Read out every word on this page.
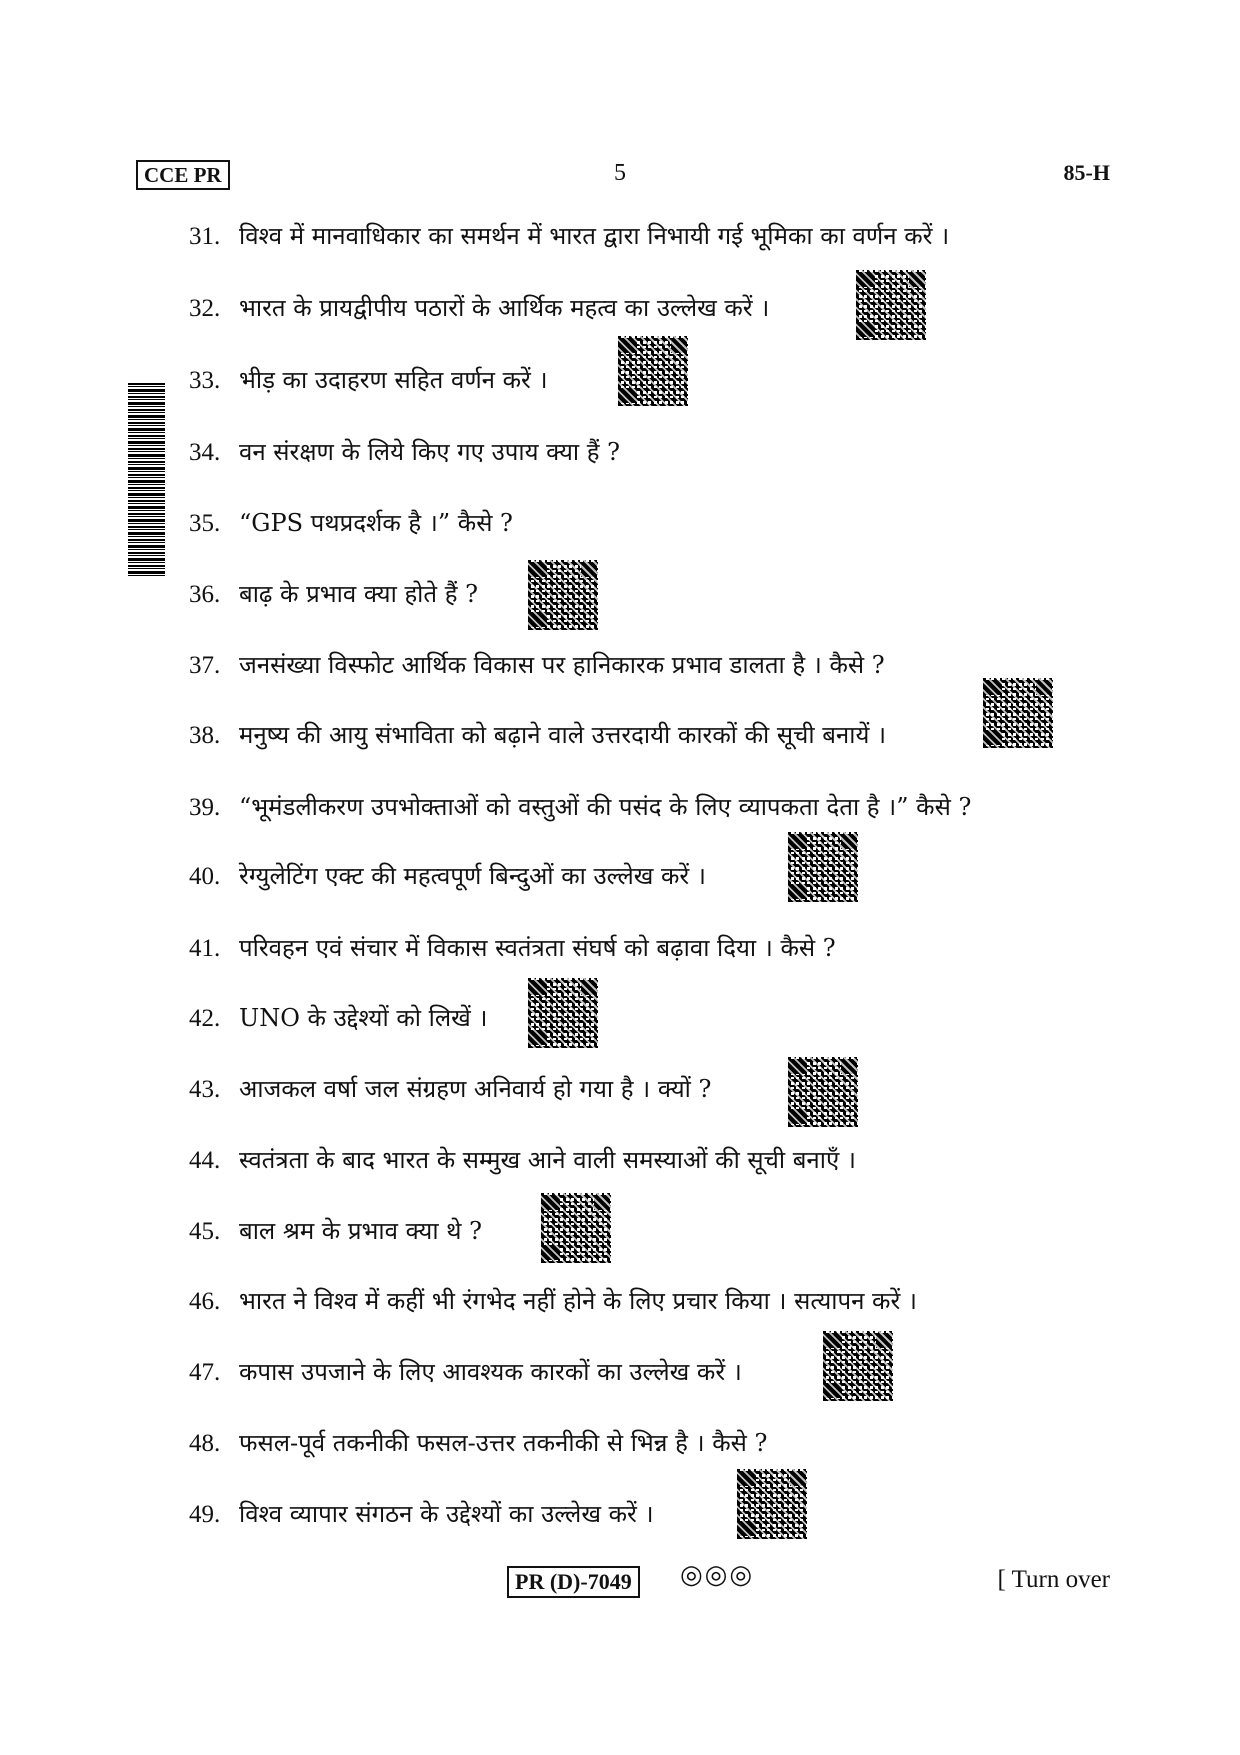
CCE PR	5	85-H
31. विश्व में मानवाधिकार का समर्थन में भारत द्वारा निभायी गई भूमिका का वर्णन करें ।
32. भारत के प्रायद्वीपीय पठारों के आर्थिक महत्व का उल्लेख करें ।
33. भीड़ का उदाहरण सहित वर्णन करें ।
34. वन संरक्षण के लिये किए गए उपाय क्या हैं ?
35. “GPS पथप्रदर्शक है ।” कैसे ?
36. बाढ़ के प्रभाव क्या होते हैं ?
37. जनसंख्या विस्फोट आर्थिक विकास पर हानिकारक प्रभाव डालता है । कैसे ?
38. मनुष्य की आयु संभाविता को बढ़ाने वाले उत्तरदायी कारकों की सूची बनायें ।
39. “भूमंडलीकरण उपभोक्ताओं को वस्तुओं की पसंद के लिए व्यापकता देता है ।” कैसे ?
40. रेग्युलेटिंग एक्ट की महत्वपूर्ण बिन्दुओं का उल्लेख करें ।
41. परिवहन एवं संचार में विकास स्वतंत्रता संघर्ष को बढ़ावा दिया । कैसे ?
42. UNO के उद्देश्यों को लिखें ।
43. आजकल वर्षा जल संग्रहण अनिवार्य हो गया है । क्यों ?
44. स्वतंत्रता के बाद भारत के सम्मुख आने वाली समस्याओं की सूची बनाएँ ।
45. बाल श्रम के प्रभाव क्या थे ?
46. भारत ने विश्व में कहीं भी रंगभेद नहीं होने के लिए प्रचार किया । सत्यापन करें ।
47. कपास उपजाने के लिए आवश्यक कारकों का उल्लेख करें ।
48. फसल-पूर्व तकनीकी फसल-उत्तर तकनीकी से भिन्न है । कैसे ?
49. विश्व व्यापार संगठन के उद्देश्यों का उल्लेख करें ।
PR (D)-7049	◎◎◎	[ Turn over
